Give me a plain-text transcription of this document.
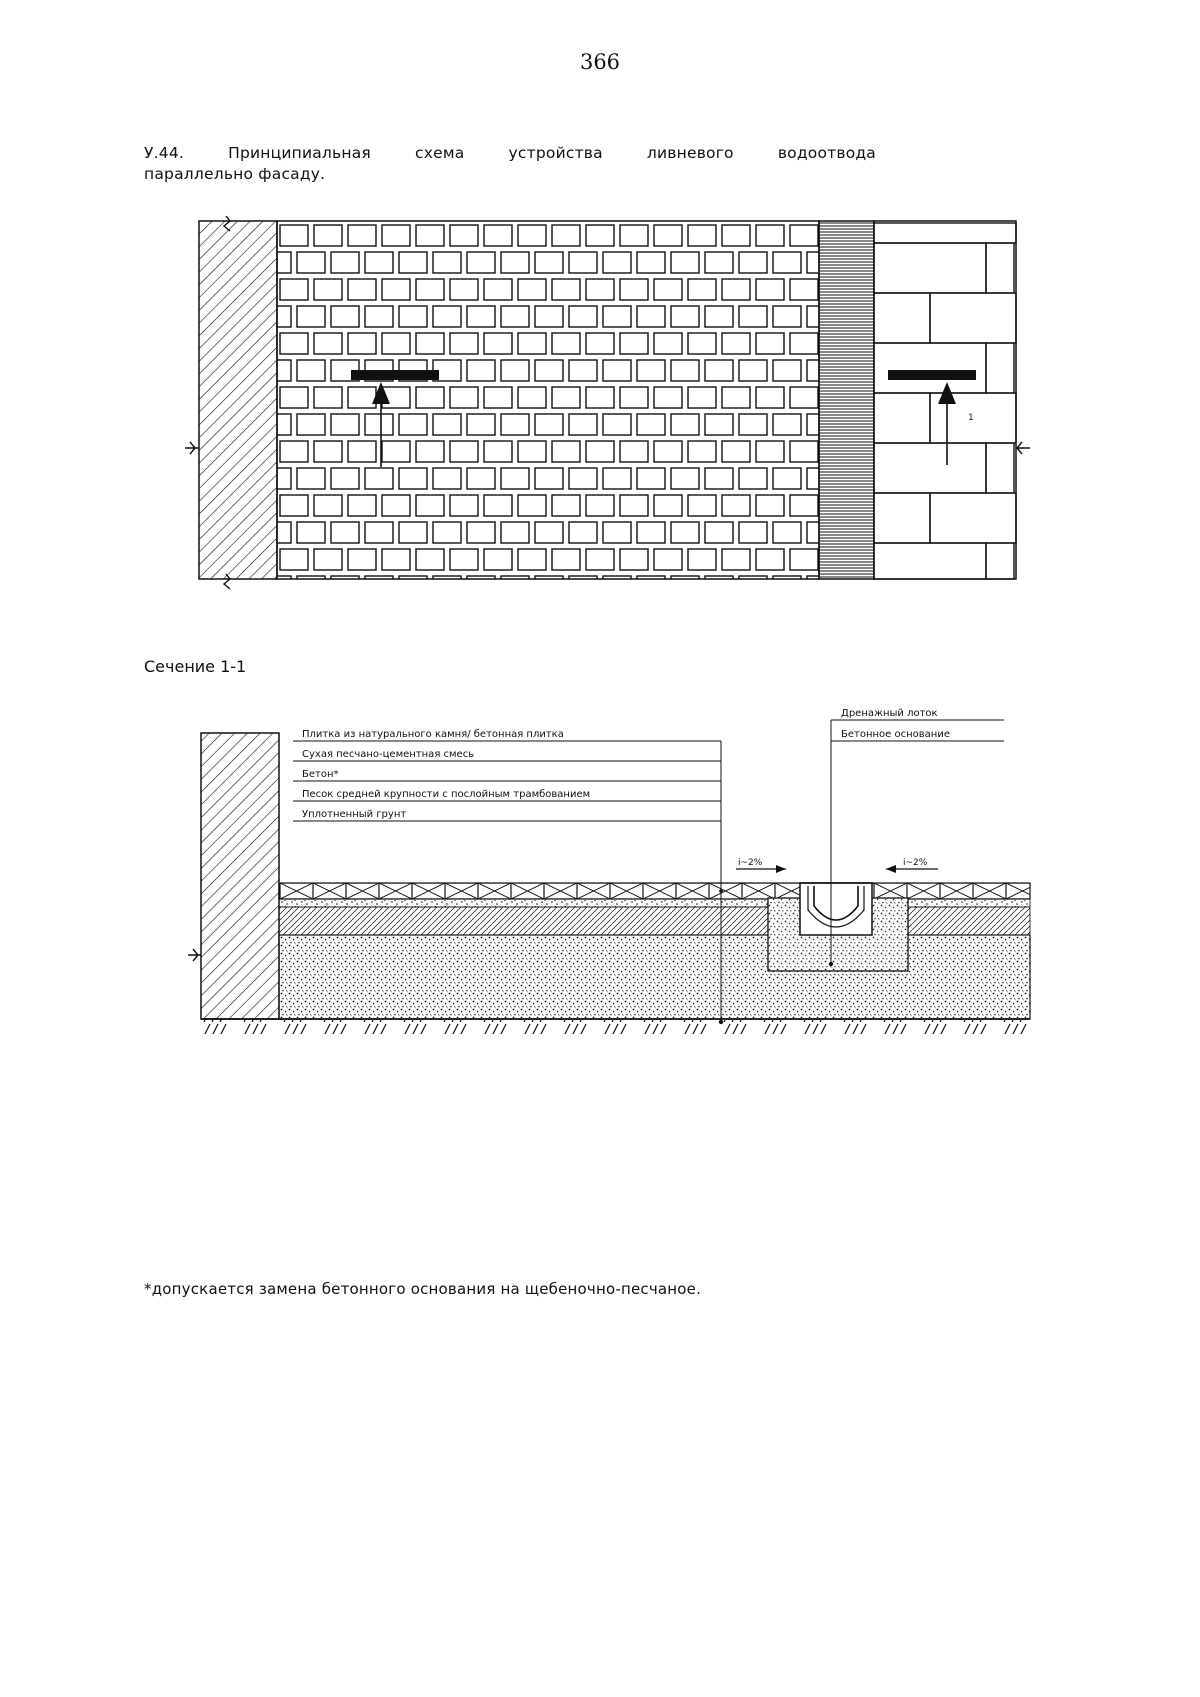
366
У.44. Принципиальная схема устройства ливневого водоотвода
параллельно фасаду.
1
Сечение 1-1
Плитка из натурального камня/ бетонная плитка
Сухая песчано-цементная смесь
Бетон*
Песок средней крупности с послойным трамбованием
Уплотненный грунт
Дренажный лоток
Бетонное основание
i~2%	i~2%
*допускается замена бетонного основания на щебеночно-песчаное.
